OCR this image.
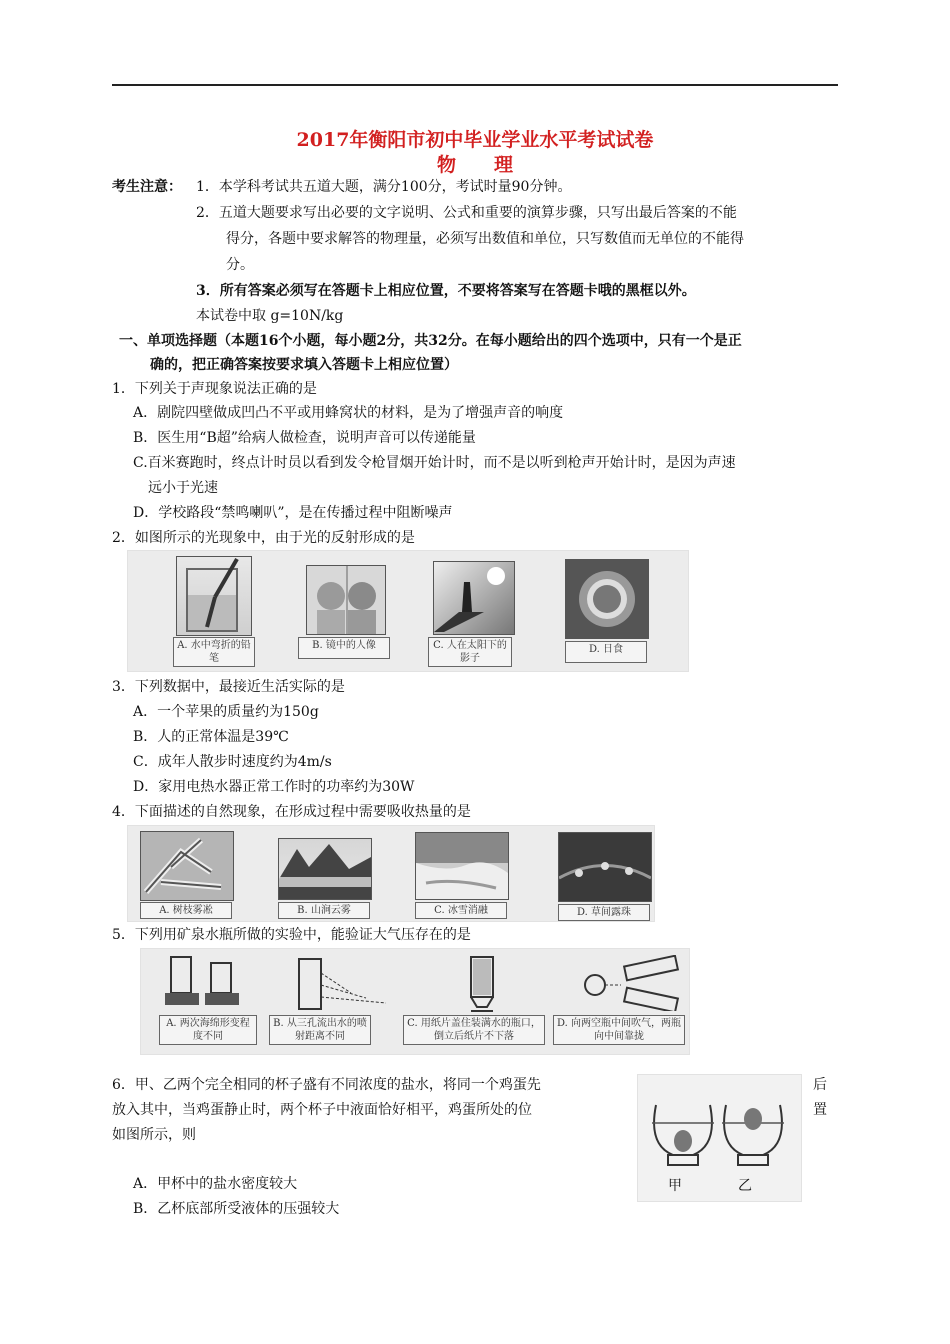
2017年衡阳市初中毕业学业水平考试试卷
物　　理
考生注意： 1．本学科考试共五道大题，满分100分，考试时量90分钟。
2．五道大题要求写出必要的文字说明、公式和重要的演算步骤，只写出最后答案的不能
得分，各题中要求解答的物理量，必须写出数值和单位，只写数值而无单位的不能得
分。
3．所有答案必须写在答题卡上相应位置，不要将答案写在答题卡哦的黑框以外。
本试卷中取 g=10N/kg
一、单项选择题（本题16个小题，每小题2分，共32分。在每小题给出的四个选项中，只有一个是正
确的，把正确答案按要求填入答题卡上相应位置）
1．下列关于声现象说法正确的是
A．剧院四壁做成凹凸不平或用蜂窝状的材料，是为了增强声音的响度
B．医生用“B超”给病人做检查，说明声音可以传递能量
C.百米赛跑时，终点计时员以看到发令枪冒烟开始计时，而不是以听到枪声开始计时，是因为声速
远小于光速
D．学校路段“禁鸣喇叭”，是在传播过程中阻断噪声
2．如图所示的光现象中，由于光的反射形成的是
A. 水中弯折的铅笔
B. 镜中的人像	C. 人在太阳下的影子
D. 日食
3．下列数据中，最接近生活实际的是
A．一个苹果的质量约为150g
B．人的正常体温是39℃
C．成年人散步时速度约为4m/s
D．家用电热水器正常工作时的功率约为30W
4．下面描述的自然现象，在形成过程中需要吸收热量的是
A. 树枝雾凇	B. 山涧云雾	C. 冰雪消融	D. 草间露珠
5．下列用矿泉水瓶所做的实验中，能验证大气压存在的是
A. 两次海绵形变程度不同
B. 从三孔流出水的喷射距离不同
C. 用纸片盖住装满水的瓶口，倒立后纸片不下落
D. 向两空瓶中间吹气，两瓶向中间靠拢
6．甲、乙两个完全相同的杯子盛有不同浓度的盐水，将同一个鸡蛋先	后
放入其中，当鸡蛋静止时，两个杯子中液面恰好相平，鸡蛋所处的位	置
如图所示，则
A．甲杯中的盐水密度较大
B．乙杯底部所受液体的压强较大
甲	乙
